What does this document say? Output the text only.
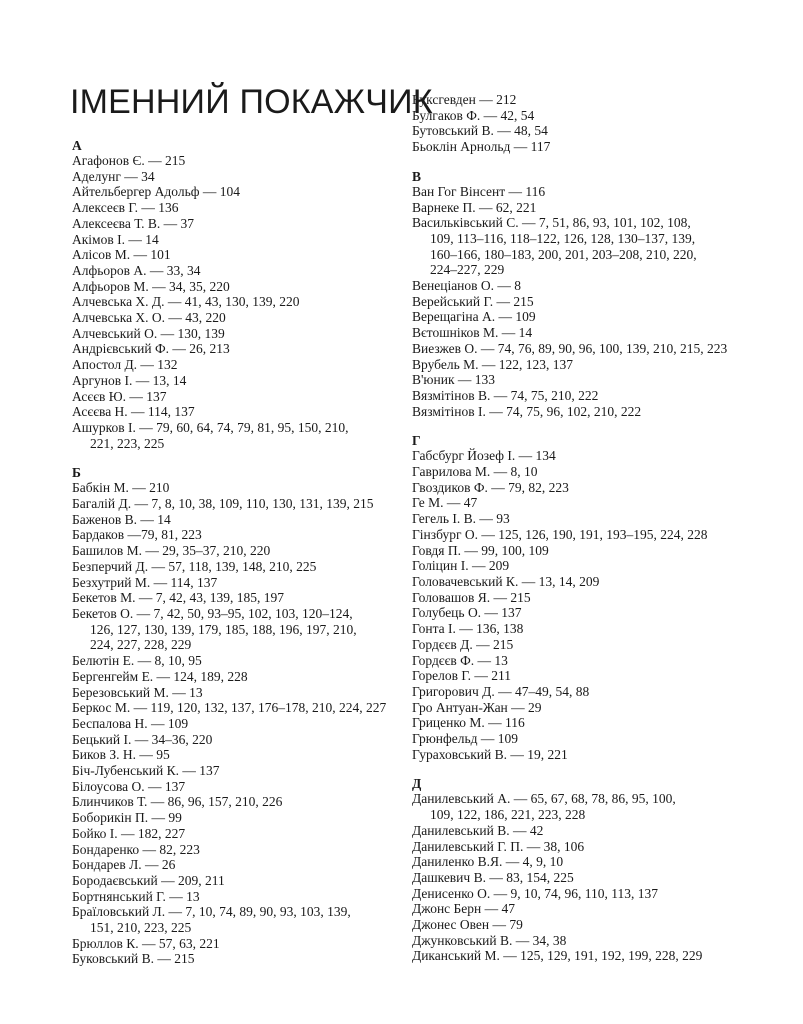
ІМЕННИЙ ПОКАЖЧИК
А
Агафонов Є. — 215
Аделунг — 34
Айтельбергер Адольф — 104
Алексеєв Г. — 136
Алексеєва Т. В. — 37
Акімов І. — 14
Алісов М. — 101
Алфьоров А. — 33, 34
Алфьоров М. — 34, 35, 220
Алчевська Х. Д. — 41, 43, 130, 139, 220
Алчевська Х. О. — 43, 220
Алчевський О. — 130, 139
Андрієвський Ф. — 26, 213
Апостол Д. — 132
Аргунов І. — 13, 14
Асєєв Ю. — 137
Асєєва Н. — 114, 137
Ашурков І. — 79, 60, 64, 74, 79, 81, 95, 150, 210,
221, 223, 225
Б
Бабкін М. — 210
Багалій Д. — 7, 8, 10, 38, 109, 110, 130, 131, 139, 215
Баженов В. — 14
Бардаков —79, 81, 223
Башилов М. — 29, 35–37, 210, 220
Безперчий Д. — 57, 118, 139, 148, 210, 225
Безхутрий М. — 114, 137
Бекетов М. — 7, 42, 43, 139, 185, 197
Бекетов О. — 7, 42, 50, 93–95, 102, 103, 120–124,
126, 127, 130, 139, 179, 185, 188, 196, 197, 210,
224, 227, 228, 229
Белютін Е. — 8, 10, 95
Бергенгейм Е. — 124, 189, 228
Березовський М. — 13
Беркос М. — 119, 120, 132, 137, 176–178, 210, 224, 227
Беспалова Н. — 109
Бецький І. — 34–36, 220
Биков З. Н. — 95
Біч-Лубенський К. — 137
Білоусова О. — 137
Блинчиков Т. — 86, 96, 157, 210, 226
Боборикін П. — 99
Бойко І. — 182, 227
Бондаренко — 82, 223
Бондарев Л. — 26
Бородаєвський — 209, 211
Бортнянський Г. — 13
Браїловський Л. — 7, 10, 74, 89, 90, 93, 103, 139,
151, 210, 223, 225
Брюллов К. — 57, 63, 221
Буковський В. — 215
Буксгевден — 212
Булгаков Ф. — 42, 54
Бутовський В. — 48, 54
Бьоклін Арнольд — 117
В
Ван Гог Вінсент — 116
Варнеке П. — 62, 221
Васильківський С. — 7, 51, 86, 93, 101, 102, 108,
109, 113–116, 118–122, 126, 128, 130–137, 139,
160–166, 180–183, 200, 201, 203–208, 210, 220,
224–227, 229
Венеціанов О. — 8
Верейський Г. — 215
Верещагіна А. — 109
Вєтошніков М. — 14
Виезжев О. — 74, 76, 89, 90, 96, 100, 139, 210, 215, 223
Врубель М. — 122, 123, 137
В'юник — 133
Вязмітінов В. — 74, 75, 210, 222
Вязмітінов І. — 74, 75, 96, 102, 210, 222
Г
Габсбург Йозеф І. — 134
Гаврилова М. — 8, 10
Гвоздиков Ф. — 79, 82, 223
Ге М. — 47
Гегель І. В. — 93
Гінзбург О. — 125, 126, 190, 191, 193–195, 224, 228
Говдя П. — 99, 100, 109
Голіцин І. — 209
Головачевський К. — 13, 14, 209
Головашов Я. — 215
Голубець О. — 137
Гонта І. — 136, 138
Гордєєв Д. — 215
Гордєєв Ф. — 13
Горелов Г. — 211
Григорович Д. — 47–49, 54, 88
Гро Антуан-Жан — 29
Гриценко М. — 116
Грюнфельд — 109
Гураховський В. — 19, 221
Д
Данилевський А. — 65, 67, 68, 78, 86, 95, 100,
109, 122, 186, 221, 223, 228
Данилевський В. — 42
Данилевський Г. П. — 38, 106
Даниленко В.Я. — 4, 9, 10
Дашкевич В. — 83, 154, 225
Денисенко О. — 9, 10, 74, 96, 110, 113, 137
Джонс Берн — 47
Джонес Овен — 79
Джунковський В. — 34, 38
Диканський М. — 125, 129, 191, 192, 199, 228, 229
